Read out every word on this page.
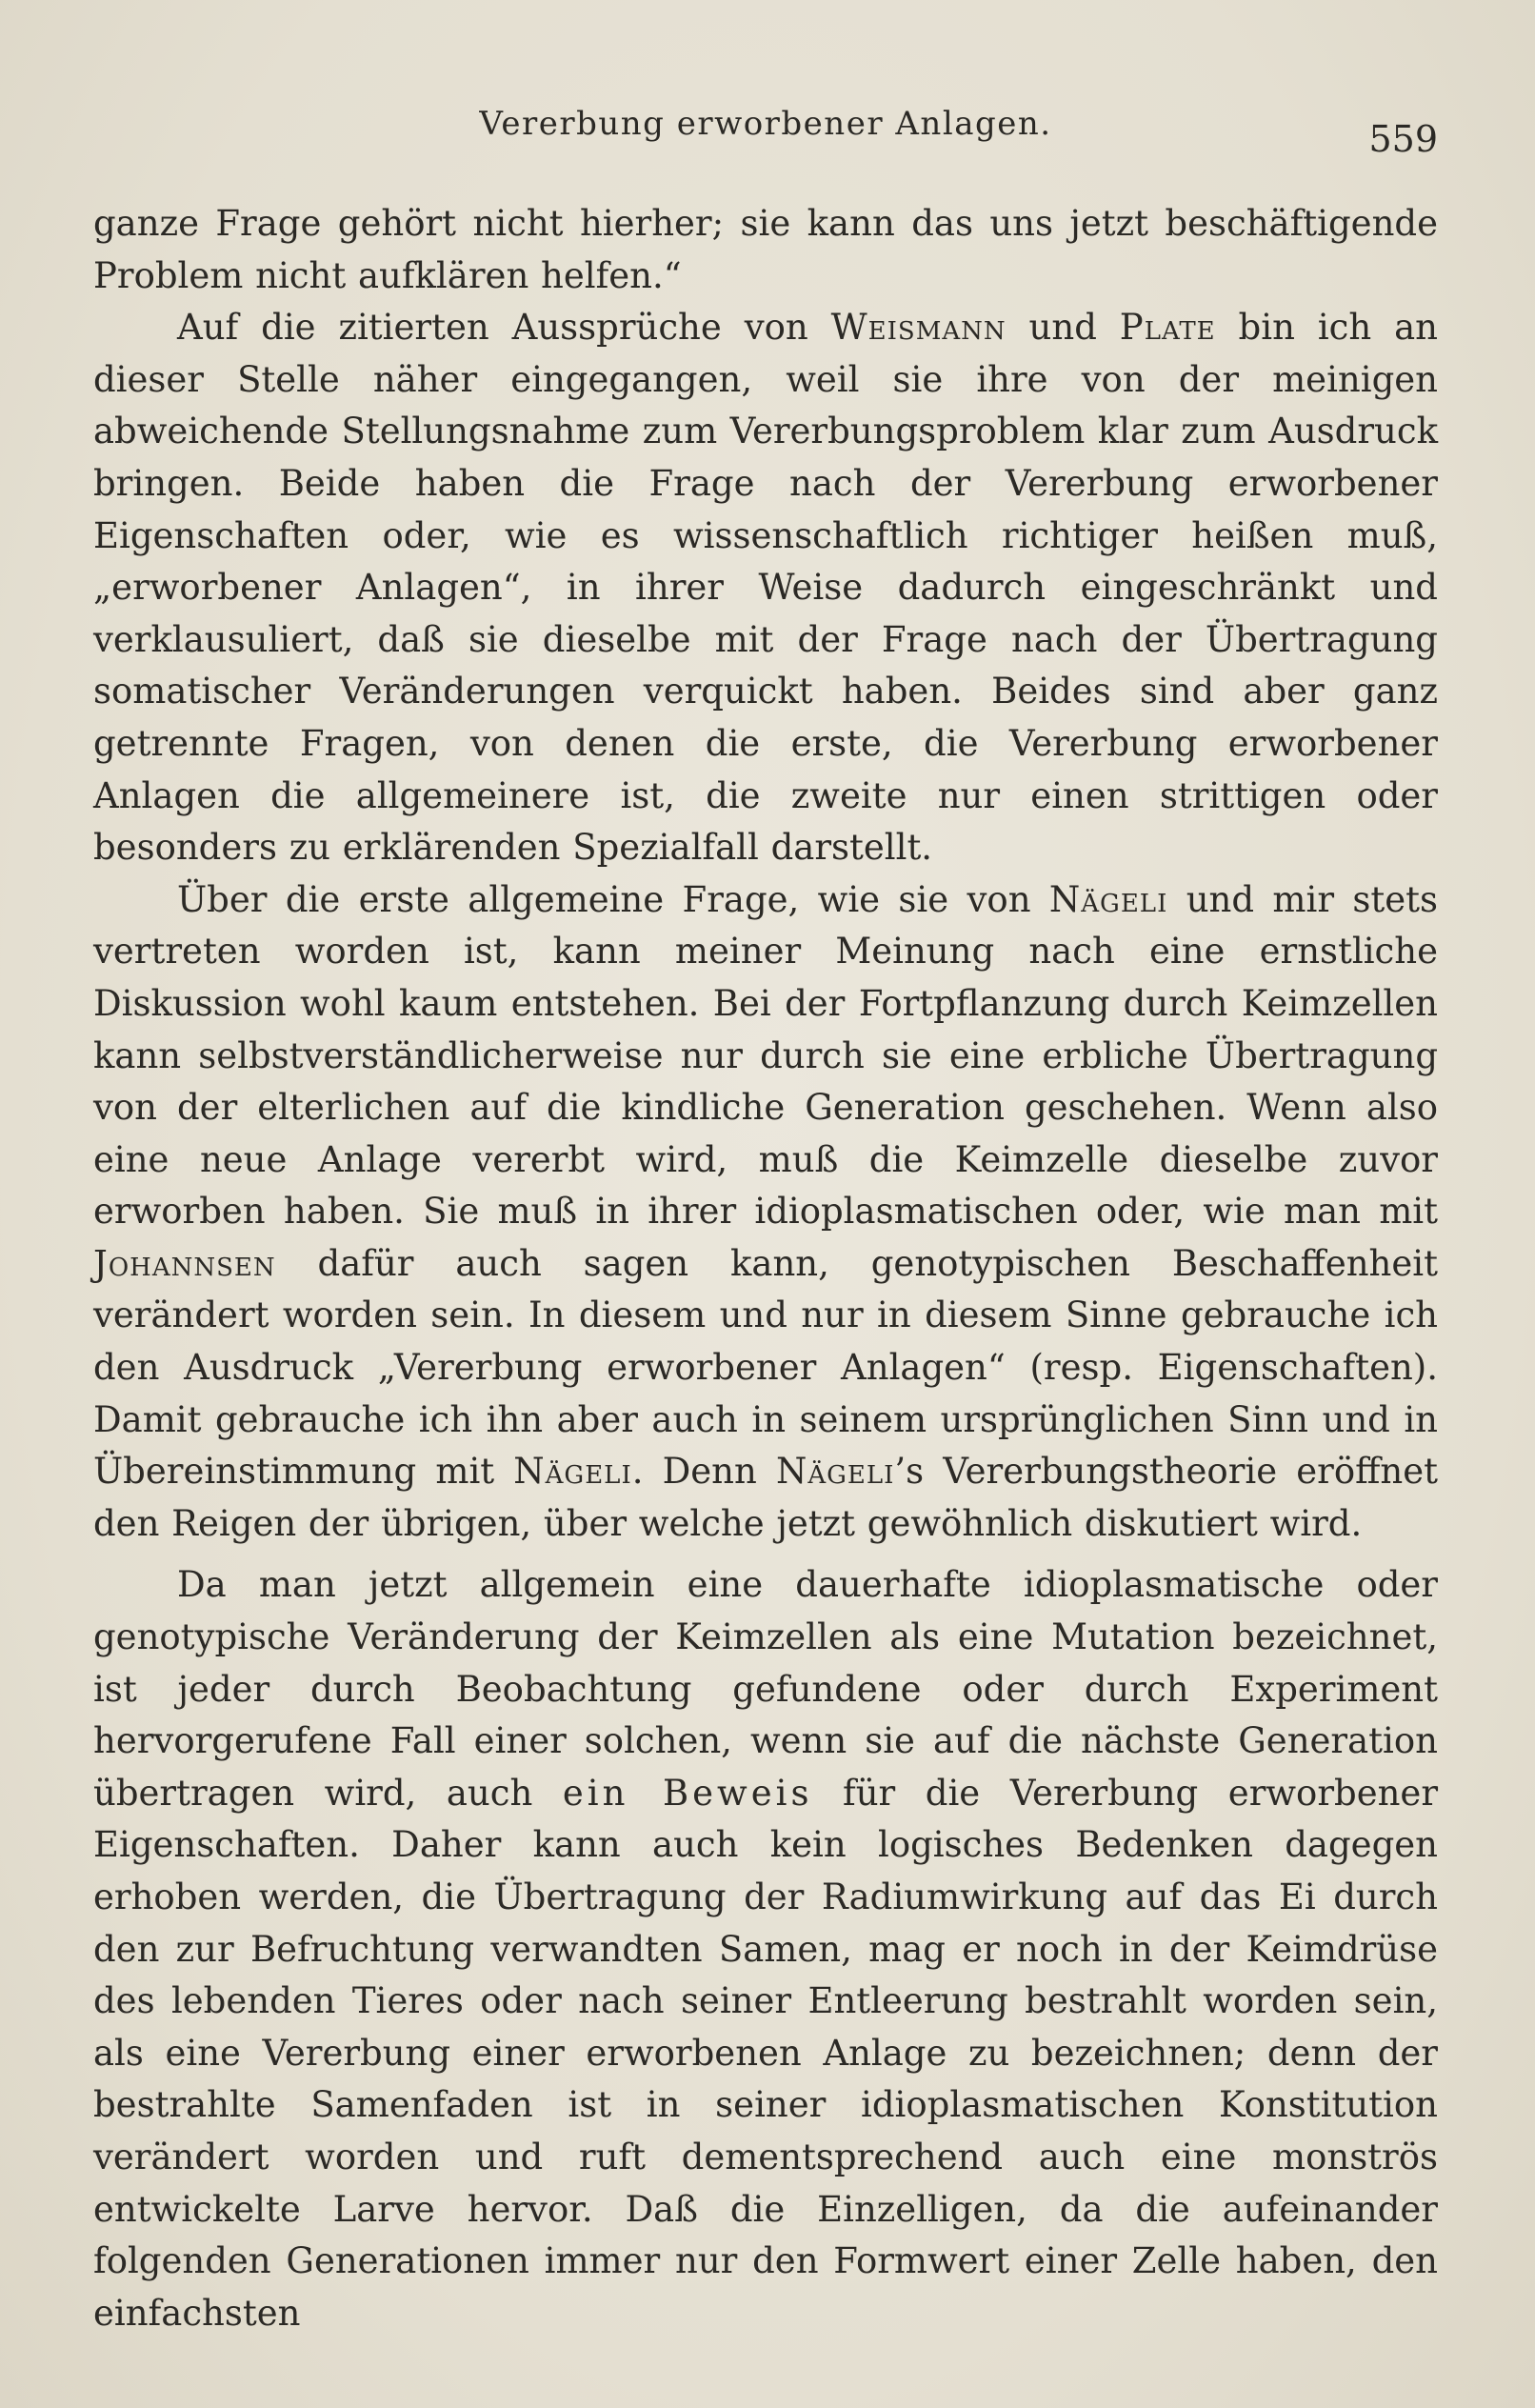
Vererbung erworbener Anlagen.	559

ganze Frage gehört nicht hierher; sie kann das uns jetzt beschäftigende Problem nicht aufklären helfen.“

Auf die zitierten Aussprüche von Weismann und Plate bin ich an dieser Stelle näher eingegangen, weil sie ihre von der meinigen abweichende Stellungsnahme zum Vererbungsproblem klar zum Ausdruck bringen. Beide haben die Frage nach der Vererbung erworbener Eigenschaften oder, wie es wissenschaftlich richtiger heißen muß, „erworbener Anlagen“, in ihrer Weise dadurch eingeschränkt und verklausuliert, daß sie dieselbe mit der Frage nach der Übertragung somatischer Veränderungen verquickt haben. Beides sind aber ganz getrennte Fragen, von denen die erste, die Vererbung erworbener Anlagen die allgemeinere ist, die zweite nur einen strittigen oder besonders zu erklärenden Spezialfall darstellt.

Über die erste allgemeine Frage, wie sie von Nägeli und mir stets vertreten worden ist, kann meiner Meinung nach eine ernstliche Diskussion wohl kaum entstehen. Bei der Fortpflanzung durch Keimzellen kann selbstverständlicherweise nur durch sie eine erbliche Übertragung von der elterlichen auf die kindliche Generation geschehen. Wenn also eine neue Anlage vererbt wird, muß die Keimzelle dieselbe zuvor erworben haben. Sie muß in ihrer idioplasmatischen oder, wie man mit Johannsen dafür auch sagen kann, genotypischen Beschaffenheit verändert worden sein. In diesem und nur in diesem Sinne gebrauche ich den Ausdruck „Vererbung erworbener Anlagen“ (resp. Eigenschaften). Damit gebrauche ich ihn aber auch in seinem ursprünglichen Sinn und in Übereinstimmung mit Nägeli. Denn Nägeli’s Vererbungstheorie eröffnet den Reigen der übrigen, über welche jetzt gewöhnlich diskutiert wird.

Da man jetzt allgemein eine dauerhafte idioplasmatische oder genotypische Veränderung der Keimzellen als eine Mutation bezeichnet, ist jeder durch Beobachtung gefundene oder durch Experiment hervorgerufene Fall einer solchen, wenn sie auf die nächste Generation übertragen wird, auch ein Beweis für die Vererbung erworbener Eigenschaften. Daher kann auch kein logisches Bedenken dagegen erhoben werden, die Übertragung der Radiumwirkung auf das Ei durch den zur Befruchtung verwandten Samen, mag er noch in der Keimdrüse des lebenden Tieres oder nach seiner Entleerung bestrahlt worden sein, als eine Vererbung einer erworbenen Anlage zu bezeichnen; denn der bestrahlte Samenfaden ist in seiner idioplasmatischen Konstitution verändert worden und ruft dementsprechend auch eine monströs entwickelte Larve hervor. Daß die Einzelligen, da die aufeinander folgenden Generationen immer nur den Formwert einer Zelle haben, den einfachsten
